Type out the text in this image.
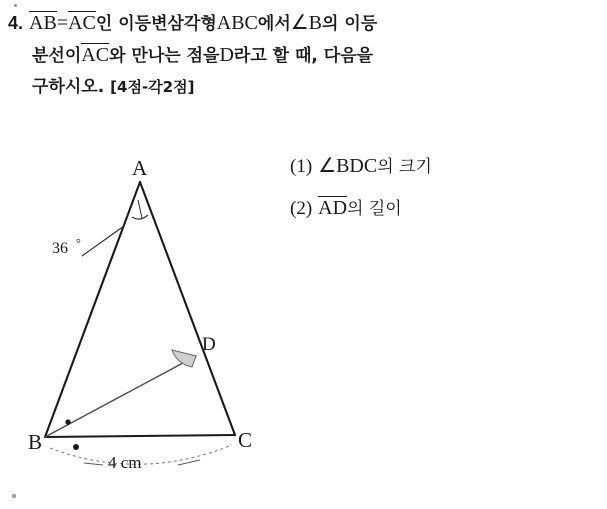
4. AB = AC 인 이등변삼각형 ABC 에서 ∠B 의 이등
분선이 AC 와 만나는 점을 D 라고 할 때, 다음을
구하시오. [4점-각2점]
(1) ∠BDC 의 크기
(2) AD 의 길이
A
B	C
D
36 °
4 cm
